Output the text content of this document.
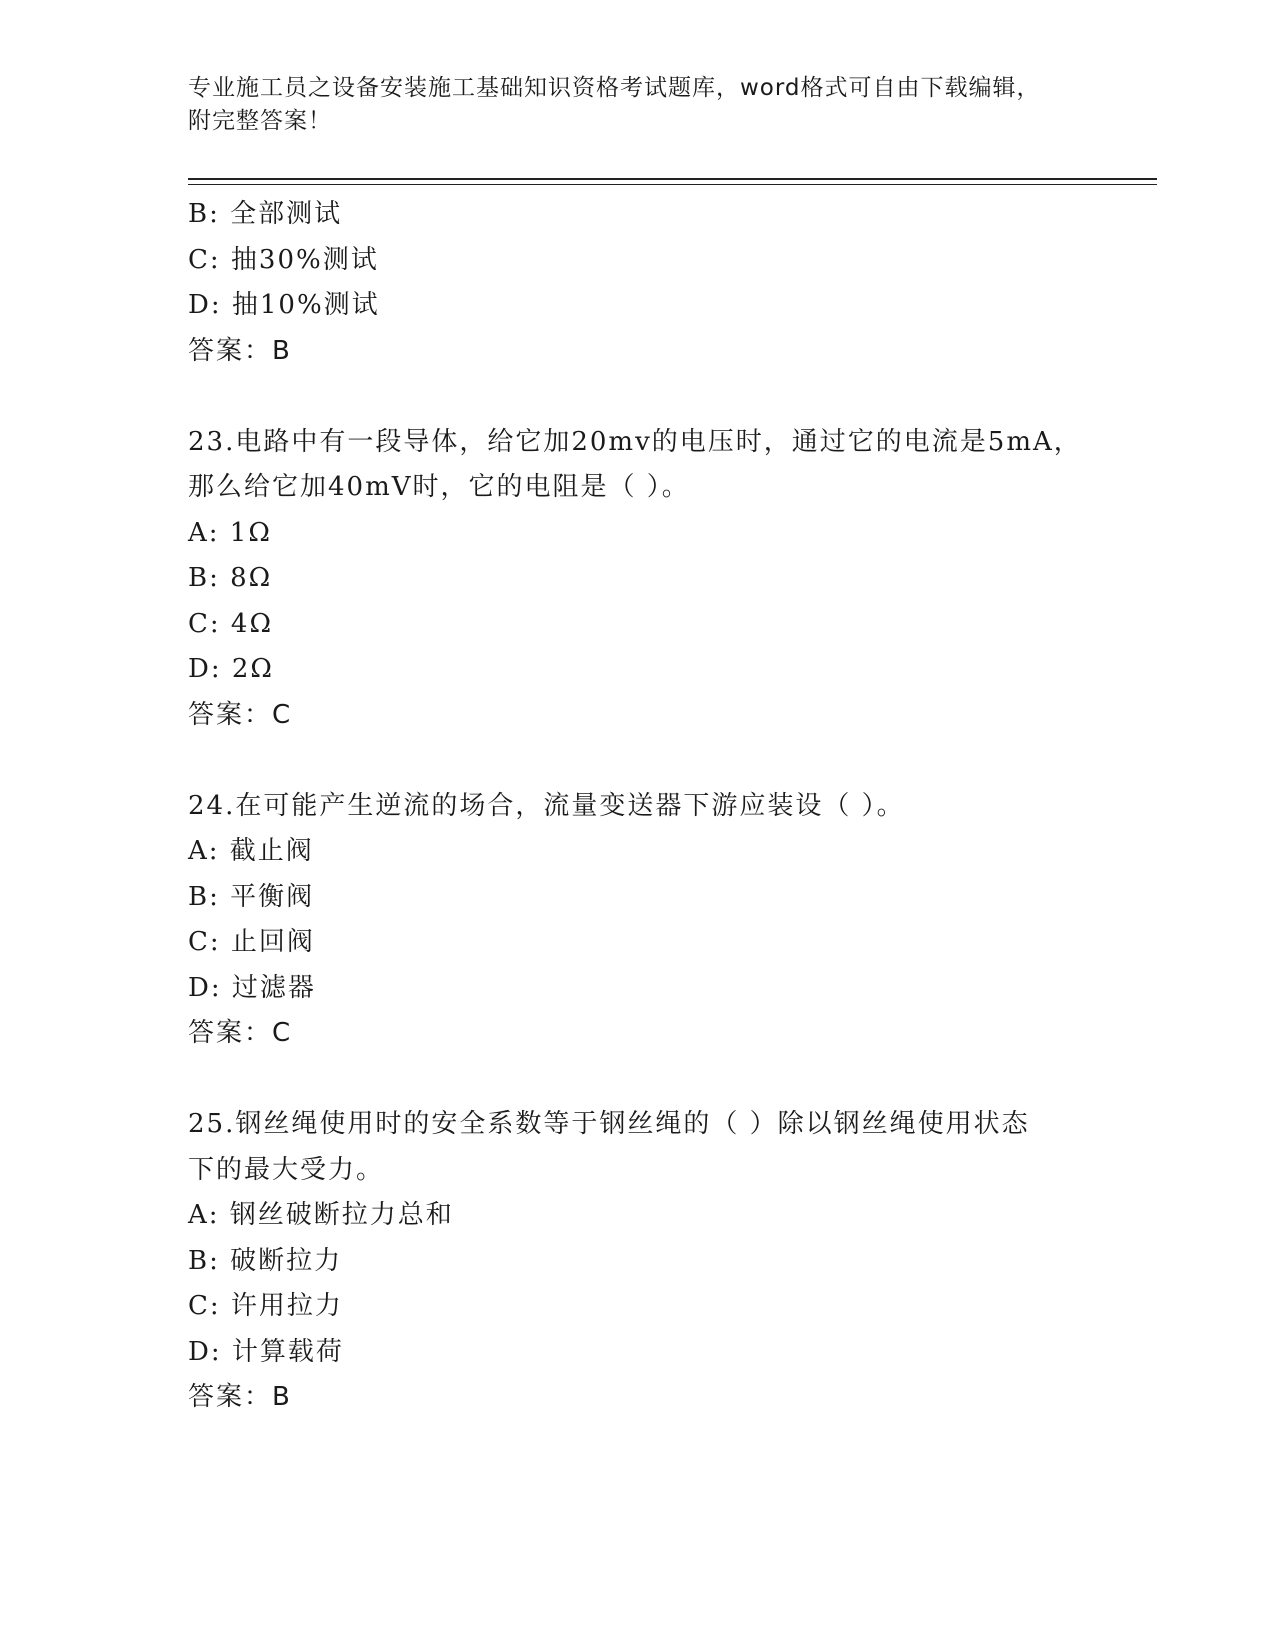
专业施工员之设备安装施工基础知识资格考试题库，word格式可自由下载编辑，
附完整答案！
B: 全部测试
C: 抽30%测试
D: 抽10%测试
答案：B
23.电路中有一段导体，给它加20mv的电压时，通过它的电流是5mA，
那么给它加40mV时，它的电阻是（ ）。
A: 1Ω
B: 8Ω
C: 4Ω
D: 2Ω
答案：C
24.在可能产生逆流的场合，流量变送器下游应装设（ ）。
A: 截止阀
B: 平衡阀
C: 止回阀
D: 过滤器
答案：C
25.钢丝绳使用时的安全系数等于钢丝绳的（ ）除以钢丝绳使用状态
下的最大受力。
A: 钢丝破断拉力总和
B: 破断拉力
C: 许用拉力
D: 计算载荷
答案：B
